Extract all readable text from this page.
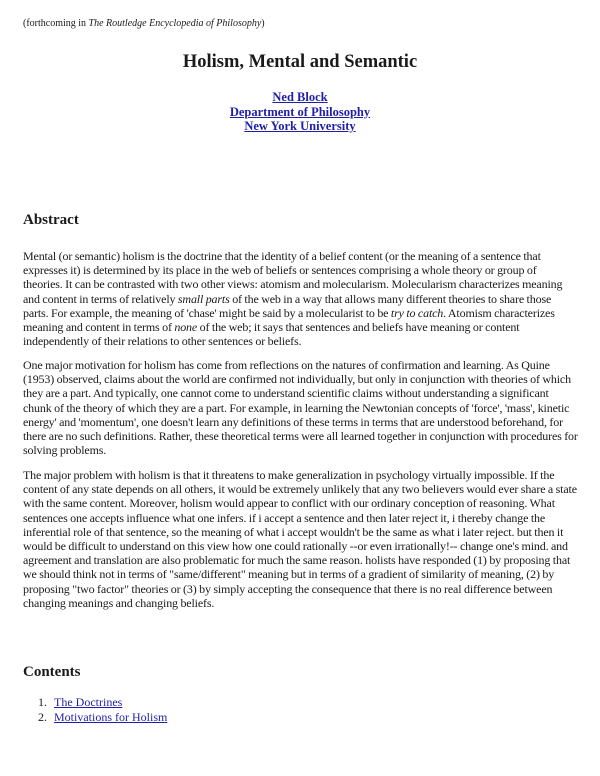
(forthcoming in The Routledge Encyclopedia of Philosophy)
Holism, Mental and Semantic
Ned Block
Department of Philosophy
New York University
Abstract

Mental (or semantic) holism is the doctrine that the identity of a belief content (or the meaning of a sentence that expresses it) is determined by its place in the web of beliefs or sentences comprising a whole theory or group of theories. It can be contrasted with two other views: atomism and molecularism. Molecularism characterizes meaning and content in terms of relatively small parts of the web in a way that allows many different theories to share those parts. For example, the meaning of 'chase' might be said by a molecularist to be try to catch. Atomism characterizes meaning and content in terms of none of the web; it says that sentences and beliefs have meaning or content independently of their relations to other sentences or beliefs.

One major motivation for holism has come from reflections on the natures of confirmation and learning. As Quine (1953) observed, claims about the world are confirmed not individually, but only in conjunction with theories of which they are a part. And typically, one cannot come to understand scientific claims without understanding a significant chunk of the theory of which they are a part. For example, in learning the Newtonian concepts of 'force', 'mass', kinetic energy' and 'momentum', one doesn't learn any definitions of these terms in terms that are understood beforehand, for there are no such definitions. Rather, these theoretical terms were all learned together in conjunction with procedures for solving problems.

The major problem with holism is that it threatens to make generalization in psychology virtually impossible. If the content of any state depends on all others, it would be extremely unlikely that any two believers would ever share a state with the same content. Moreover, holism would appear to conflict with our ordinary conception of reasoning. What sentences one accepts influence what one infers. if i accept a sentence and then later reject it, i thereby change the inferential role of that sentence, so the meaning of what i accept wouldn't be the same as what i later reject. but then it would be difficult to understand on this view how one could rationally --or even irrationally!-- change one's mind. and agreement and translation are also problematic for much the same reason. holists have responded (1) by proposing that we should think not in terms of "same/different" meaning but in terms of a gradient of similarity of meaning, (2) by proposing "two factor" theories or (3) by simply accepting the consequence that there is no real difference between changing meanings and changing beliefs.

Contents
1. The Doctrines
2. Motivations for Holism
